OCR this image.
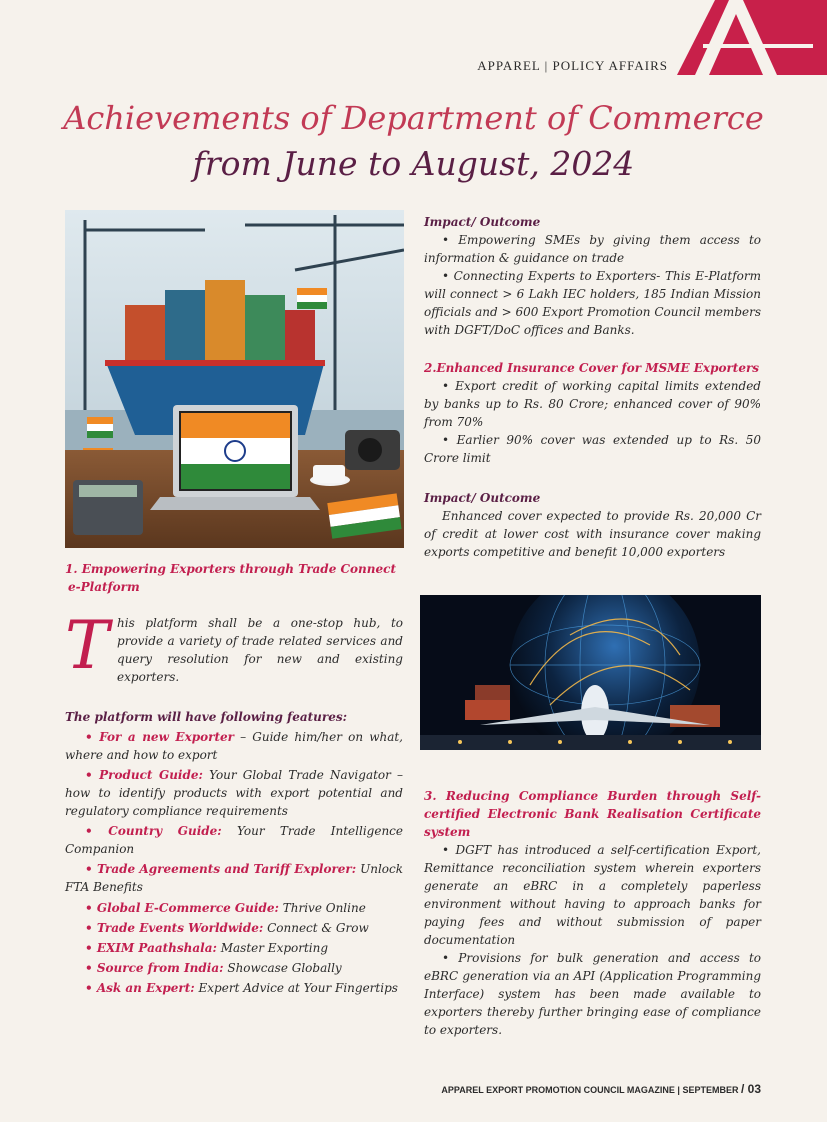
APPAREL | POLICY AFFAIRS
Achievements of Department of Commerce
from June to August, 2024

1. Empowering Exporters through Trade Connect

e-Platform

T his platform shall be a one-stop hub, to provide a variety of trade related services and query resolution for new and existing exporters.

The platform will have following features:

• For a new Exporter – Guide him/her on what, where and how to export

• Product Guide: Your Global Trade Navigator – how to identify products with export potential and regulatory compliance requirements

• Country Guide: Your Trade Intelligence Companion

• Trade Agreements and Tariff Explorer: Unlock FTA Benefits

• Global E-Commerce Guide: Thrive Online

• Trade Events Worldwide: Connect & Grow

• EXIM Paathshala: Master Exporting

• Source from India: Showcase Globally

• Ask an Expert: Expert Advice at Your Fingertips

Impact/ Outcome

• Empowering SMEs by giving them access to information & guidance on trade

• Connecting Experts to Exporters- This E-Platform will connect > 6 Lakh IEC holders, 185 Indian Mission officials and > 600 Export Promotion Council members with DGFT/DoC offices and Banks.

2.Enhanced Insurance Cover for MSME Exporters

• Export credit of working capital limits extended by banks up to Rs. 80 Crore; enhanced cover of 90% from 70%

• Earlier 90% cover was extended up to Rs. 50 Crore limit

Impact/ Outcome

Enhanced cover expected to provide Rs. 20,000 Cr of credit at lower cost with insurance cover making exports competitive and benefit 10,000 exporters

3. Reducing Compliance Burden through Self-certified Electronic Bank Realisation Certificate system

• DGFT has introduced a self-certification Export, Remittance reconciliation system wherein exporters generate an eBRC in a completely paperless environment without having to approach banks for paying fees and without submission of paper documentation

• Provisions for bulk generation and access to eBRC generation via an API (Application Programming Interface) system has been made available to exporters thereby further bringing ease of compliance to exporters.

APPAREL EXPORT PROMOTION COUNCIL MAGAZINE | SEPTEMBER / 03
